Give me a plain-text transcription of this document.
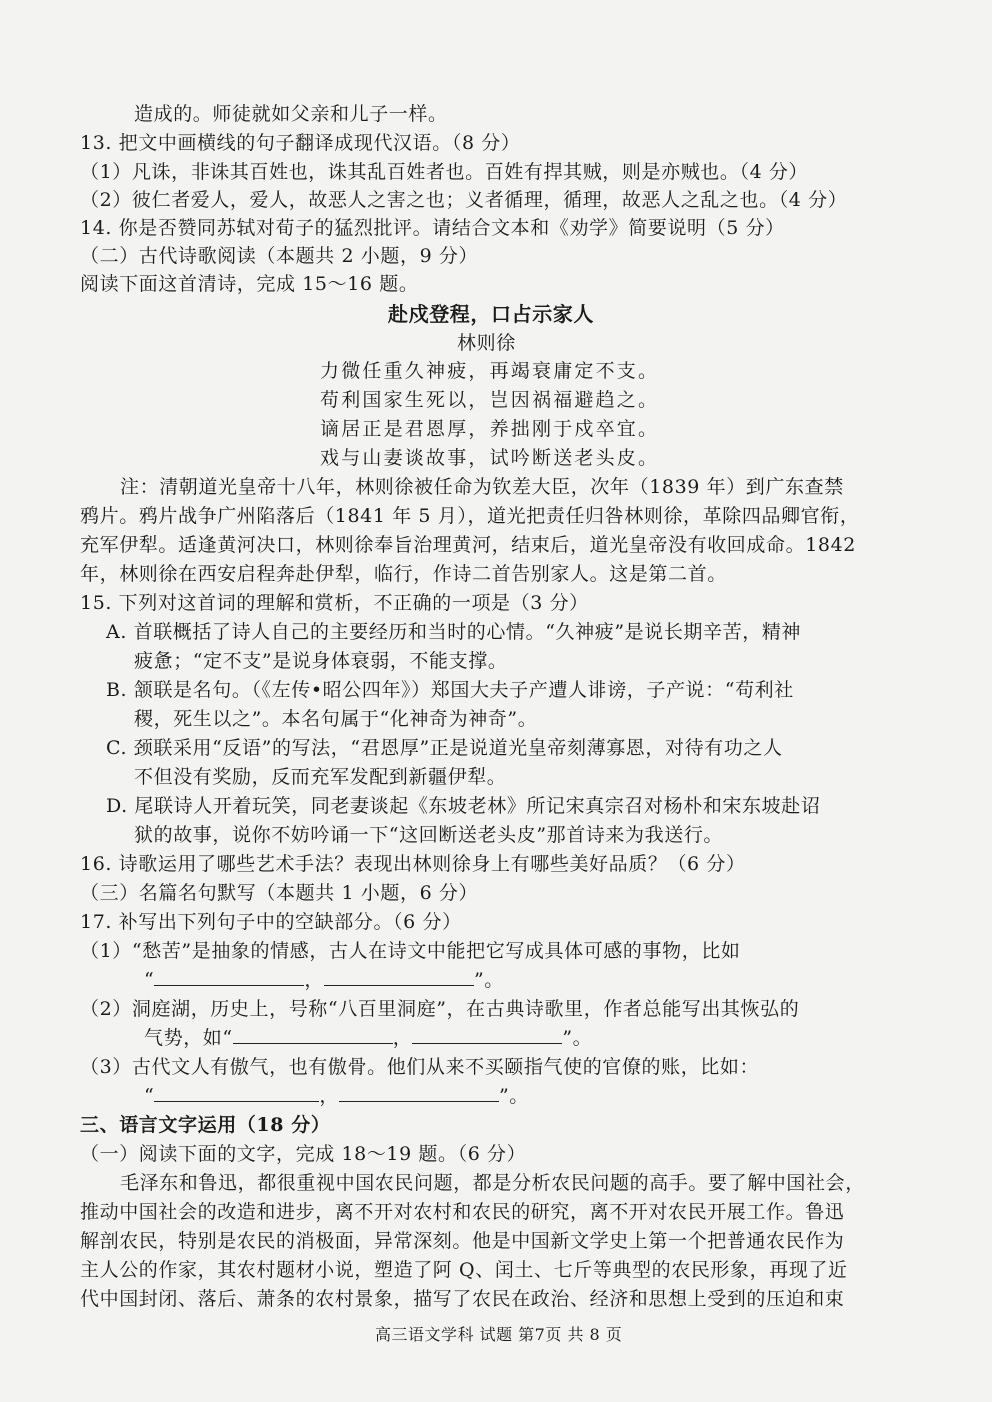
造成的。师徒就如父亲和儿子一样。
13. 把文中画横线的句子翻译成现代汉语。（8 分）
（1）凡诛，非诛其百姓也，诛其乱百姓者也。百姓有捍其贼，则是亦贼也。（4 分）
（2）彼仁者爱人，爱人，故恶人之害之也；义者循理，循理，故恶人之乱之也。（4 分）
14. 你是否赞同苏轼对荀子的猛烈批评。请结合文本和《劝学》简要说明（5 分）
（二）古代诗歌阅读（本题共 2 小题，9 分）
阅读下面这首清诗，完成 15～16 题。
赴戍登程，口占示家人
林则徐
力微任重久神疲，再竭衰庸定不支。
苟利国家生死以，岂因祸福避趋之。
谪居正是君恩厚，养拙刚于戍卒宜。
戏与山妻谈故事，试吟断送老头皮。
注：清朝道光皇帝十八年，林则徐被任命为钦差大臣，次年（1839 年）到广东查禁
鸦片。鸦片战争广州陷落后（1841 年 5 月），道光把责任归咎林则徐，革除四品卿官衔，
充军伊犁。适逢黄河决口，林则徐奉旨治理黄河，结束后，道光皇帝没有收回成命。1842
年，林则徐在西安启程奔赴伊犁，临行，作诗二首告别家人。这是第二首。
15. 下列对这首词的理解和赏析，不正确的一项是（3 分）
A. 首联概括了诗人自己的主要经历和当时的心情。“久神疲”是说长期辛苦，精神
疲惫；“定不支”是说身体衰弱，不能支撑。
B. 颔联是名句。（《左传•昭公四年》）郑国大夫子产遭人诽谤，子产说：“苟利社
稷，死生以之”。本名句属于“化神奇为神奇”。
C. 颈联采用“反语”的写法，“君恩厚”正是说道光皇帝刻薄寡恩，对待有功之人
不但没有奖励，反而充军发配到新疆伊犁。
D. 尾联诗人开着玩笑，同老妻谈起《东坡老林》所记宋真宗召对杨朴和宋东坡赴诏
狱的故事，说你不妨吟诵一下“这回断送老头皮”那首诗来为我送行。
16. 诗歌运用了哪些艺术手法？表现出林则徐身上有哪些美好品质？（6 分）
（三）名篇名句默写（本题共 1 小题，6 分）
17. 补写出下列句子中的空缺部分。（6 分）
（1）“愁苦”是抽象的情感，古人在诗文中能把它写成具体可感的事物，比如
“	，	”。
（2）洞庭湖，历史上，号称“八百里洞庭”，在古典诗歌里，作者总能写出其恢弘的
气势，如“	，	”。
（3）古代文人有傲气，也有傲骨。他们从来不买颐指气使的官僚的账，比如：
“	，	”。
三、语言文字运用（18 分）
（一）阅读下面的文字，完成 18～19 题。（6 分）
毛泽东和鲁迅，都很重视中国农民问题，都是分析农民问题的高手。要了解中国社会，
推动中国社会的改造和进步，离不开对农村和农民的研究，离不开对农民开展工作。鲁迅
解剖农民，特别是农民的消极面，异常深刻。他是中国新文学史上第一个把普通农民作为
主人公的作家，其农村题材小说，塑造了阿 Q、闰土、七斤等典型的农民形象，再现了近
代中国封闭、落后、萧条的农村景象，描写了农民在政治、经济和思想上受到的压迫和束
高三语文学科 试题 第7页 共 8 页
